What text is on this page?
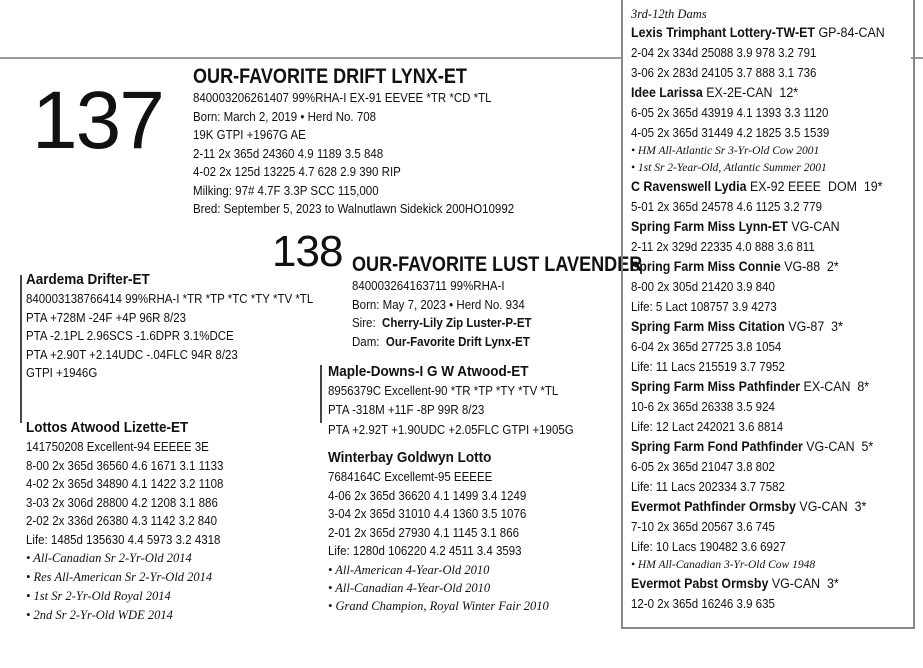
137 OUR-FAVORITE DRIFT LYNX-ET
840003206261407 99%RHA-I EX-91 EEVEE *TR *CD *TL
Born: March 2, 2019 • Herd No. 708
19K GTPI +1967G AE
2-11 2x 365d 24360 4.9 1189 3.5 848
4-02 2x 125d 13225 4.7 628 2.9 390 RIP
Milking: 97# 4.7F 3.3P SCC 115,000
Bred: September 5, 2023 to Walnutlawn Sidekick 200HO10992
138 OUR-FAVORITE LUST LAVENDER
840003264163711 99%RHA-I
Born: May 7, 2023 • Herd No. 934
Sire: Cherry-Lily Zip Luster-P-ET
Dam: Our-Favorite Drift Lynx-ET
Aardema Drifter-ET
840003138766414 99%RHA-I *TR *TP *TC *TY *TV *TL
PTA +728M -24F +4P 96R 8/23
PTA -2.1PL 2.96SCS -1.6DPR 3.1%DCE
PTA +2.90T +2.14UDC -.04FLC 94R 8/23
GTPI +1946G
Lottos Atwood Lizette-ET
141750208 Excellent-94 EEEEE 3E
8-00 2x 365d 36560 4.6 1671 3.1 1133
4-02 2x 365d 34890 4.1 1422 3.2 1108
3-03 2x 306d 28800 4.2 1208 3.1 886
2-02 2x 336d 26380 4.3 1142 3.2 840
Life: 1485d 135630 4.4 5973 3.2 4318
• All-Canadian Sr 2-Yr-Old 2014
• Res All-American Sr 2-Yr-Old 2014
• 1st Sr 2-Yr-Old Royal 2014
• 2nd Sr 2-Yr-Old WDE 2014
Maple-Downs-I G W Atwood-ET
8956379C Excellent-90 *TR *TP *TY *TV *TL
PTA -318M +11F -8P 99R 8/23
PTA +2.92T +1.90UDC +2.05FLC GTPI +1905G
Winterbay Goldwyn Lotto
7684164C Excellemt-95 EEEEE
4-06 2x 365d 36620 4.1 1499 3.4 1249
3-04 2x 365d 31010 4.4 1360 3.5 1076
2-01 2x 365d 27930 4.1 1145 3.1 866
Life: 1280d 106220 4.2 4511 3.4 3593
• All-American 4-Year-Old 2010
• All-Canadian 4-Year-Old 2010
• Grand Champion, Royal Winter Fair 2010
3rd-12th Dams
Lexis Trimphant Lottery-TW-ET GP-84-CAN
2-04 2x 334d 25088 3.9 978 3.2 791
3-06 2x 283d 24105 3.7 888 3.1 736
Idee Larissa EX-2E-CAN  12*
6-05 2x 365d 43919 4.1 1393 3.3 1120
4-05 2x 365d 31449 4.2 1825 3.5 1539
• HM All-Atlantic Sr 3-Yr-Old Cow 2001
• 1st Sr 2-Year-Old, Atlantic Summer 2001
C Ravenswell Lydia EX-92 EEEE  DOM  19*
5-01 2x 365d 24578 4.6 1125 3.2 779
Spring Farm Miss Lynn-ET VG-CAN
2-11 2x 329d 22335 4.0 888 3.6 811
Spring Farm Miss Connie VG-88  2*
8-00 2x 305d 21420 3.9 840
Life: 5 Lact 108757 3.9 4273
Spring Farm Miss Citation VG-87  3*
6-04 2x 365d 27725 3.8 1054
Life: 11 Lacs 215519 3.7 7952
Spring Farm Miss Pathfinder EX-CAN  8*
10-6 2x 365d 26338 3.5 924
Life: 12 Lact 242021 3.6 8814
Spring Farm Fond Pathfinder VG-CAN  5*
6-05 2x 365d 21047 3.8 802
Life: 11 Lacs 202334 3.7 7582
Evermot Pathfinder Ormsby VG-CAN  3*
7-10 2x 365d 20567 3.6 745
Life: 10 Lacs 190482 3.6 6927
• HM All-Canadian 3-Yr-Old Cow 1948
Evermot Pabst Ormsby VG-CAN  3*
12-0 2x 365d 16246 3.9 635
